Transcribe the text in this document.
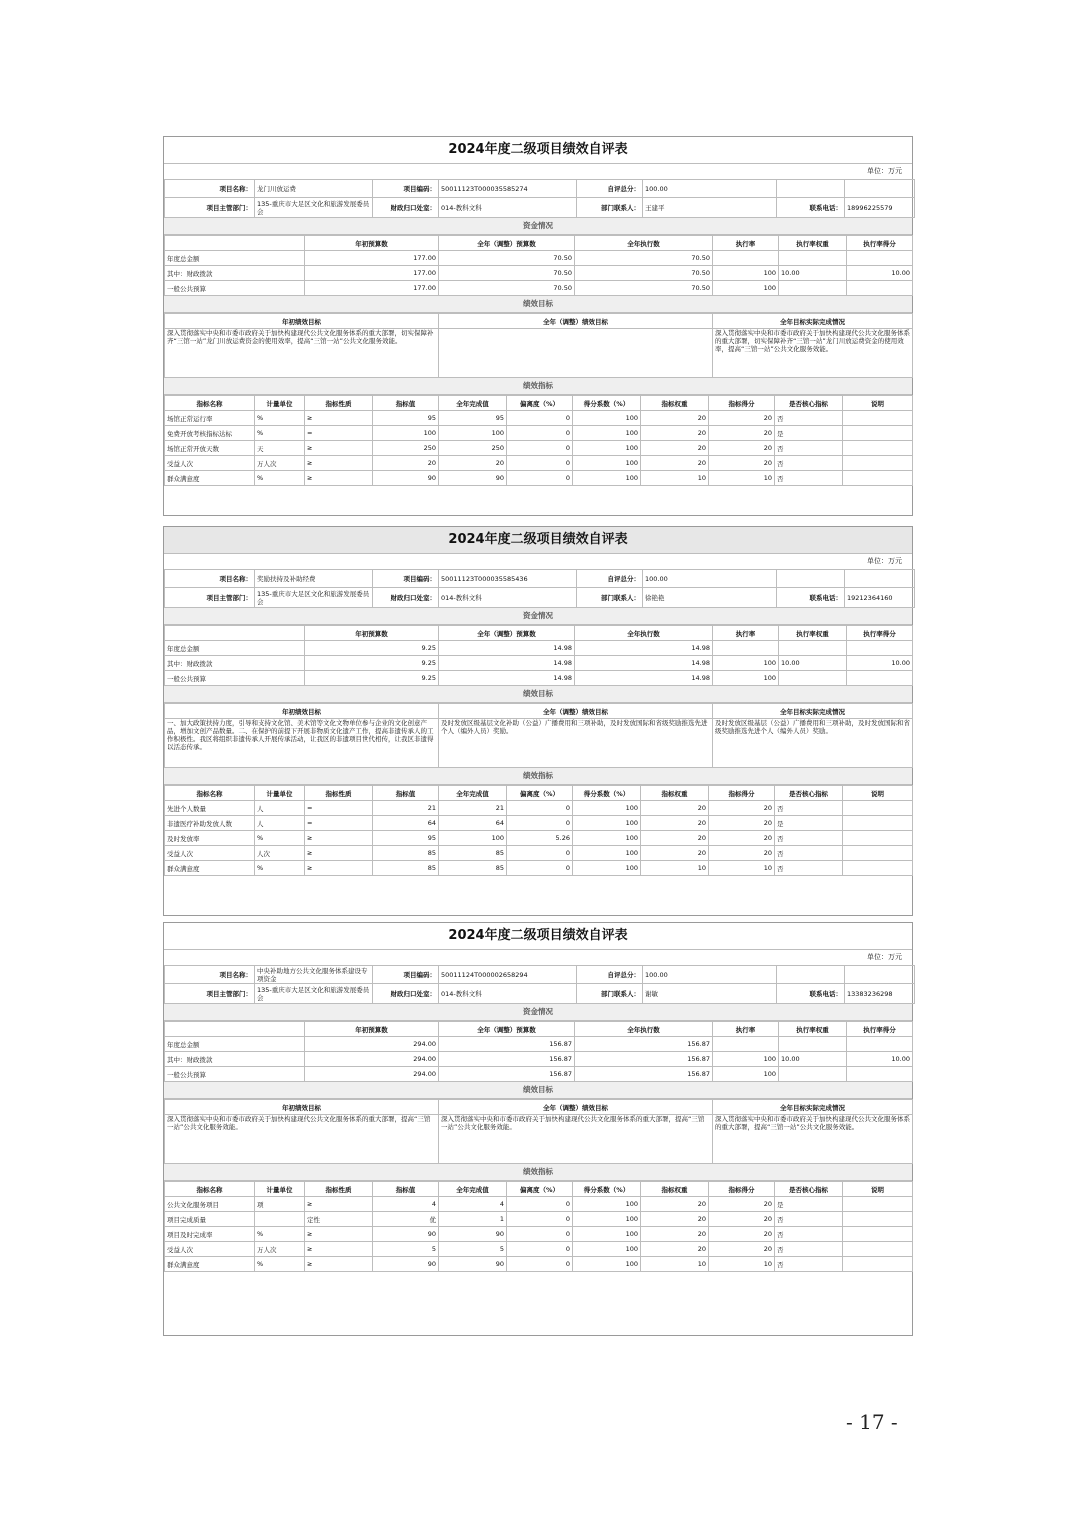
2024年度二级项目绩效自评表
单位：万元
项目名称：	龙门川放运费	项目编码：	50011123T000035585274	自评总分：	100.00		
项目主管部门：	135-重庆市大足区文化和旅游发展委员会	财政归口处室：	014-教科文科	部门联系人：	王建平	联系电话：	18996225579
资金情况
	年初预算数	全年（调整）预算数	全年执行数	执行率	执行率权重	执行率得分
年度总金额	177.00	70.50	70.50			
其中：财政拨款	177.00	70.50	70.50	100	10.00	10.00
一般公共预算	177.00	70.50	70.50	100		
绩效目标
年初绩效目标	全年（调整）绩效目标	全年目标实际完成情况
深入贯彻落实中央和市委市政府关于加快构建现代公共文化服务体系的重大部署，切实保障补齐“三馆一站”龙门川放运费资金的使用效率，提高“三馆一站”公共文化服务效能。		深入贯彻落实中央和市委市政府关于加快构建现代公共文化服务体系的重大部署，切实保障补齐“三馆一站”龙门川放运费资金的使用效率，提高“三馆一站”公共文化服务效能。
绩效指标
指标名称	计量单位	指标性质	指标值	全年完成值	偏离度（%）	得分系数（%）	指标权重	指标得分	是否核心指标	说明
场馆正常运行率	%	≥	95	95	0	100	20	20	否	
免费开放考核指标达标	%	=	100	100	0	100	20	20	是	
场馆正常开放天数	天	≥	250	250	0	100	20	20	否	
受益人次	万人次	≥	20	20	0	100	20	20	否	
群众满意度	%	≥	90	90	0	100	10	10	否	
2024年度二级项目绩效自评表
单位：万元
项目名称：	奖励扶持及补助经费	项目编码：	50011123T000035585436	自评总分：	100.00		
项目主管部门：	135-重庆市大足区文化和旅游发展委员会	财政归口处室：	014-教科文科	部门联系人：	徐艳艳	联系电话：	19212364160
资金情况
	年初预算数	全年（调整）预算数	全年执行数	执行率	执行率权重	执行率得分
年度总金额	9.25	14.98	14.98			
其中：财政拨款	9.25	14.98	14.98	100	10.00	10.00
一般公共预算	9.25	14.98	14.98	100		
绩效目标
年初绩效目标	全年（调整）绩效目标	全年目标实际完成情况
一、加大政策扶持力度，引导和支持文化馆、美术馆等文化文物单位参与企业的文化创意产品，增加文创产品数量。二、在保护的前提下开展非物质文化遗产工作，提高非遗传承人的工作积极性。我区将组织非遗传承人开展传承活动，让我区的非遗项目世代相传，让我区非遗得以活态传承。	及时发放区级基层文化补助（公益）广播费用和三项补助，及时发放国际和省级奖励推选先进个人（编外人员）奖励。	及时发放区级基层（公益）广播费用和三项补助，及时发放国际和省级奖励推选先进个人（编外人员）奖励。
绩效指标
指标名称	计量单位	指标性质	指标值	全年完成值	偏离度（%）	得分系数（%）	指标权重	指标得分	是否核心指标	说明
先进个人数量	人	=	21	21	0	100	20	20	否	
非遗医疗补助发放人数	人	=	64	64	0	100	20	20	是	
及时发放率	%	≥	95	100	5.26	100	20	20	否	
受益人次	人次	≥	85	85	0	100	20	20	否	
群众满意度	%	≥	85	85	0	100	10	10	否	
2024年度二级项目绩效自评表
单位：万元
项目名称：	中央补助地方公共文化服务体系建设专项资金	项目编码：	50011124T000002658294	自评总分：	100.00		
项目主管部门：	135-重庆市大足区文化和旅游发展委员会	财政归口处室：	014-教科文科	部门联系人：	谢敏	联系电话：	13383236298
资金情况
	年初预算数	全年（调整）预算数	全年执行数	执行率	执行率权重	执行率得分
年度总金额	294.00	156.87	156.87			
其中：财政拨款	294.00	156.87	156.87	100	10.00	10.00
一般公共预算	294.00	156.87	156.87	100		
绩效目标
年初绩效目标	全年（调整）绩效目标	全年目标实际完成情况
深入贯彻落实中央和市委市政府关于加快构建现代公共文化服务体系的重大部署，提高“三馆一站”公共文化服务效能。	深入贯彻落实中央和市委市政府关于加快构建现代公共文化服务体系的重大部署，提高“三馆一站”公共文化服务效能。	深入贯彻落实中央和市委市政府关于加快构建现代公共文化服务体系的重大部署，提高“三馆一站”公共文化服务效能。
绩效指标
指标名称	计量单位	指标性质	指标值	全年完成值	偏离度（%）	得分系数（%）	指标权重	指标得分	是否核心指标	说明
公共文化服务项目	项	≥	4	4	0	100	20	20	是	
项目完成质量		定性	优	1	0	100	20	20	否	
项目及时完成率	%	≥	90	90	0	100	20	20	否	
受益人次	万人次	≥	5	5	0	100	20	20	否	
群众满意度	%	≥	90	90	0	100	10	10	否	
- 17 -
